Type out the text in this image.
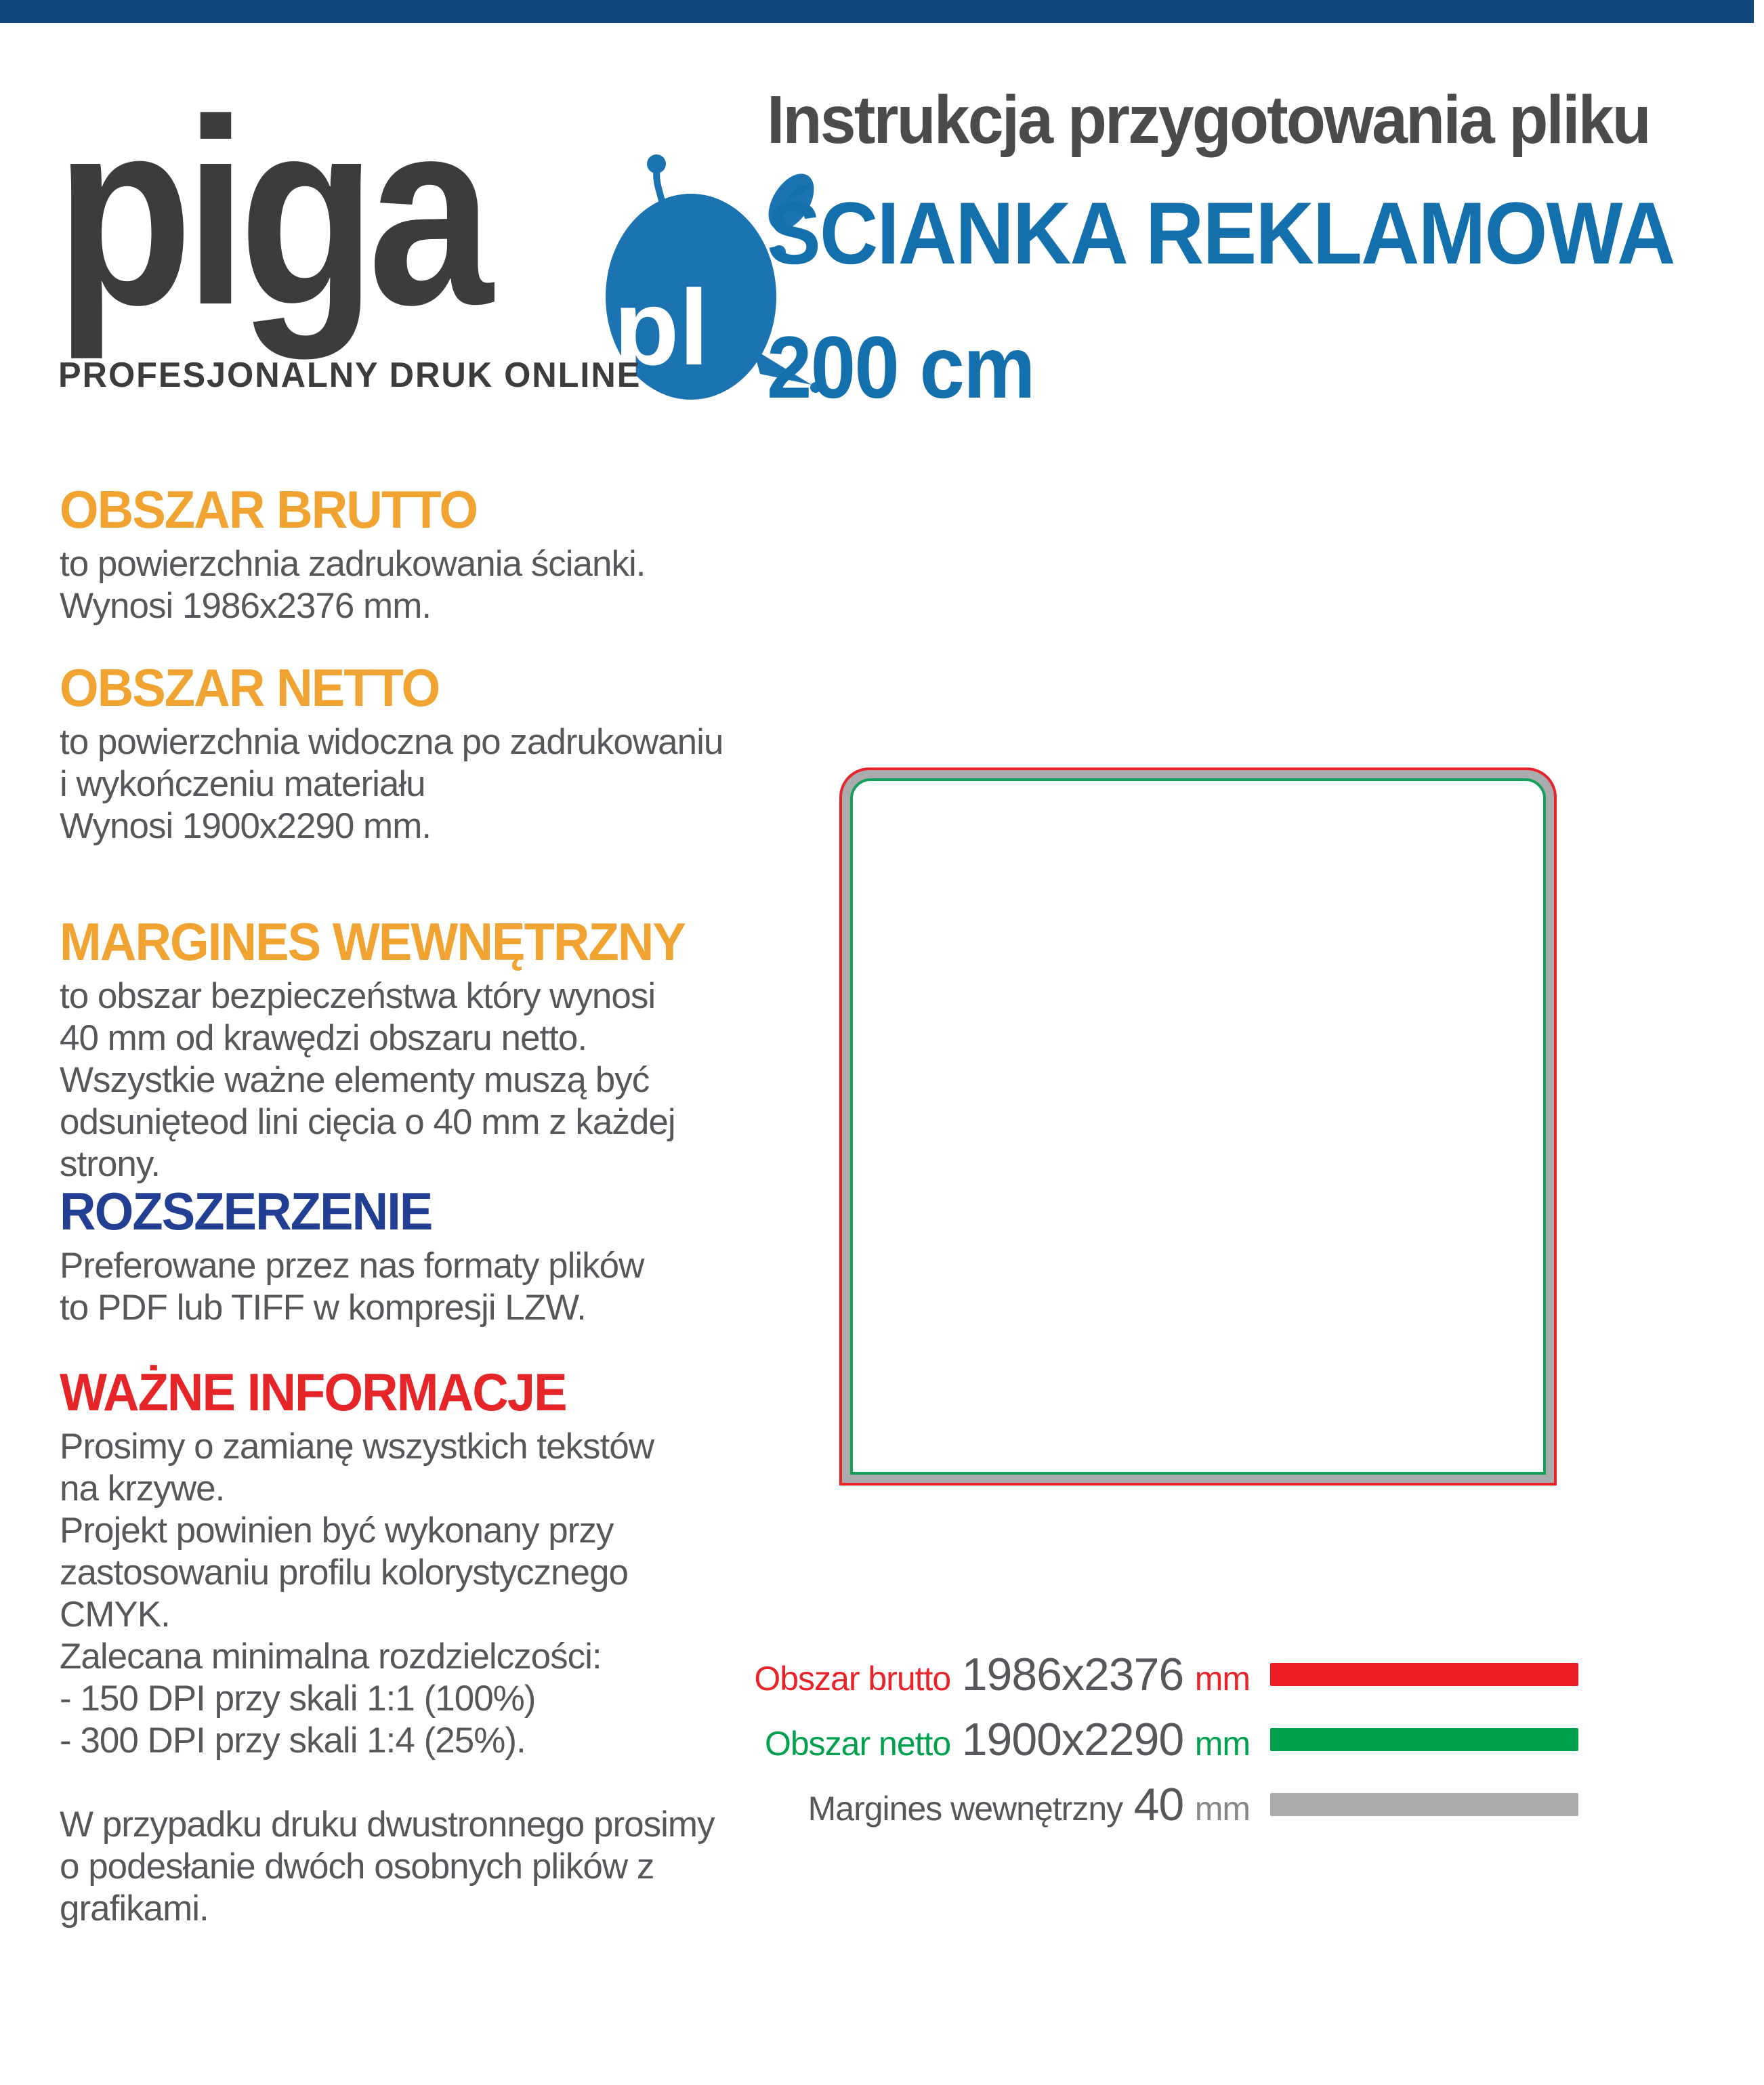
piga pl
PROFESJONALNY DRUK ONLINE
Instrukcja przygotowania pliku
ŚCIANKA REKLAMOWA
200 cm
OBSZAR BRUTTO
to powierzchnia zadrukowania ścianki.
Wynosi 1986x2376 mm.
OBSZAR NETTO
to powierzchnia widoczna po zadrukowaniu
i wykończeniu materiału
Wynosi 1900x2290 mm.
MARGINES WEWNĘTRZNY
to obszar bezpieczeństwa który wynosi
40 mm od krawędzi obszaru netto.
Wszystkie ważne elementy muszą być
odsunięteod lini cięcia o 40 mm z każdej
strony.
ROZSZERZENIE
Preferowane przez nas formaty plików
to PDF lub TIFF w kompresji LZW.
WAŻNE INFORMACJE
Prosimy o zamianę wszystkich tekstów
na krzywe.
Projekt powinien być wykonany przy
zastosowaniu profilu kolorystycznego
CMYK.
Zalecana minimalna rozdzielczości:
- 150 DPI przy skali 1:1 (100%)
- 300 DPI przy skali 1:4 (25%).
W przypadku druku dwustronnego prosimy
o podesłanie dwóch osobnych plików z
grafikami.
Obszar brutto 1986x2376 mm
Obszar netto 1900x2290 mm
Margines wewnętrzny 40 mm
